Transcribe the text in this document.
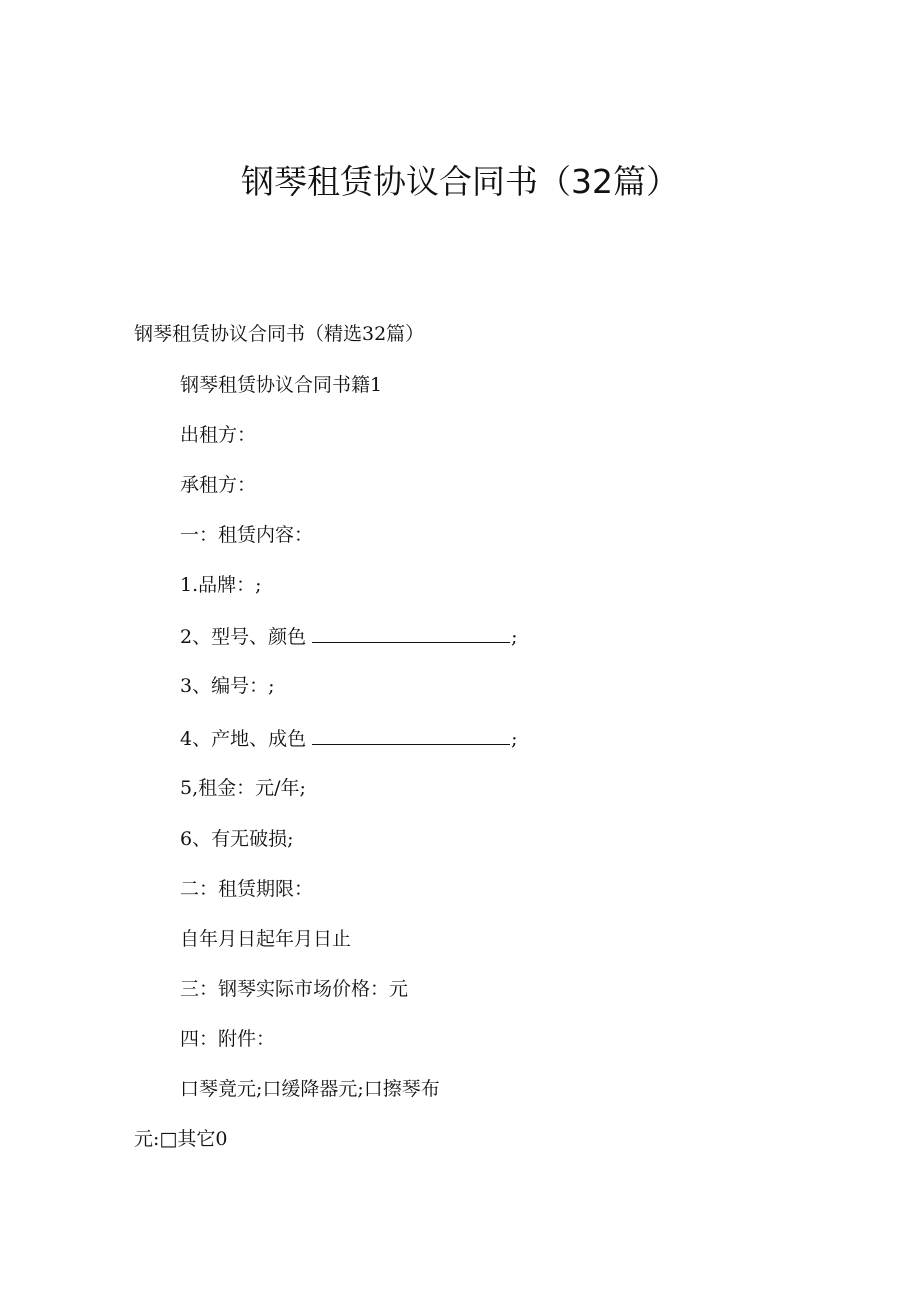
钢琴租赁协议合同书（32篇）
钢琴租赁协议合同书（精选32篇）
钢琴租赁协议合同书籍1
出租方：
承租方：
一：租赁内容：
1.品牌：;
2、型号、颜色	;
3、编号：;
4、产地、成色	;
5,租金：元/年;
6、有无破损;
二：租赁期限：
自年月日起年月日止
三：钢琴实际市场价格：元
四：附件：
口琴竟元;口缓降器元;口擦琴布
元:□其它0
